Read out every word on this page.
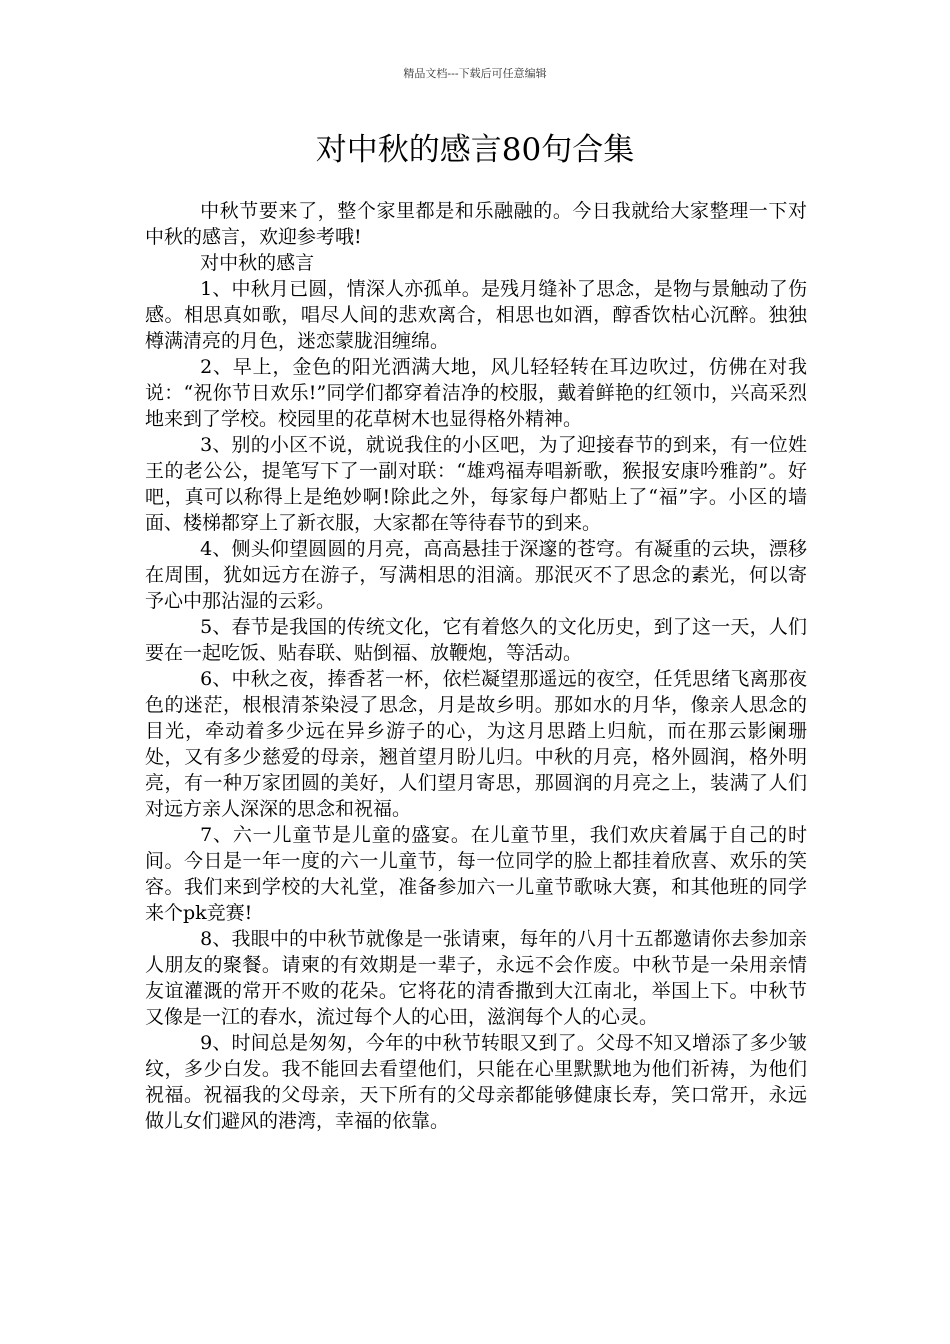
精品文档---下载后可任意编辑
对中秋的感言80句合集

中秋节要来了，整个家里都是和乐融融的。今日我就给大家整理一下对中秋的感言，欢迎参考哦!

对中秋的感言

1、中秋月已圆，情深人亦孤单。是残月缝补了思念，是物与景触动了伤感。相思真如歌，唱尽人间的悲欢离合，相思也如酒，醇香饮枯心沉醉。独独樽满清亮的月色，迷恋蒙胧泪缠绵。

2、早上，金色的阳光洒满大地，风儿轻轻转在耳边吹过，仿佛在对我说：“祝你节日欢乐!”同学们都穿着洁净的校服，戴着鲜艳的红领巾，兴高采烈地来到了学校。校园里的花草树木也显得格外精神。

3、别的小区不说，就说我住的小区吧，为了迎接春节的到来，有一位姓王的老公公，提笔写下了一副对联：“雄鸡福寿唱新歌，猴报安康吟雅韵”。好吧，真可以称得上是绝妙啊!除此之外，每家每户都贴上了“福”字。小区的墙面、楼梯都穿上了新衣服，大家都在等待春节的到来。

4、侧头仰望圆圆的月亮，高高悬挂于深邃的苍穹。有凝重的云块，漂移在周围，犹如远方在游子，写满相思的泪滴。那泯灭不了思念的素光，何以寄予心中那沾湿的云彩。

5、春节是我国的传统文化，它有着悠久的文化历史，到了这一天，人们要在一起吃饭、贴春联、贴倒福、放鞭炮，等活动。

6、中秋之夜，捧香茗一杯，依栏凝望那遥远的夜空，任凭思绪飞离那夜色的迷茫，根根清茶染浸了思念，月是故乡明。那如水的月华，像亲人思念的目光，牵动着多少远在异乡游子的心，为这月思踏上归航，而在那云影阑珊处，又有多少慈爱的母亲，翘首望月盼儿归。中秋的月亮，格外圆润，格外明亮，有一种万家团圆的美好，人们望月寄思，那圆润的月亮之上，装满了人们对远方亲人深深的思念和祝福。

7、六一儿童节是儿童的盛宴。在儿童节里，我们欢庆着属于自己的时间。今日是一年一度的六一儿童节，每一位同学的脸上都挂着欣喜、欢乐的笑容。我们来到学校的大礼堂，准备参加六一儿童节歌咏大赛，和其他班的同学来个pk竞赛!

8、我眼中的中秋节就像是一张请柬，每年的八月十五都邀请你去参加亲人朋友的聚餐。请柬的有效期是一辈子，永远不会作废。中秋节是一朵用亲情友谊灌溉的常开不败的花朵。它将花的清香撒到大江南北，举国上下。中秋节又像是一江的春水，流过每个人的心田，滋润每个人的心灵。

9、时间总是匆匆，今年的中秋节转眼又到了。父母不知又增添了多少皱纹，多少白发。我不能回去看望他们，只能在心里默默地为他们祈祷，为他们祝福。祝福我的父母亲，天下所有的父母亲都能够健康长寿，笑口常开，永远做儿女们避风的港湾，幸福的依靠。
